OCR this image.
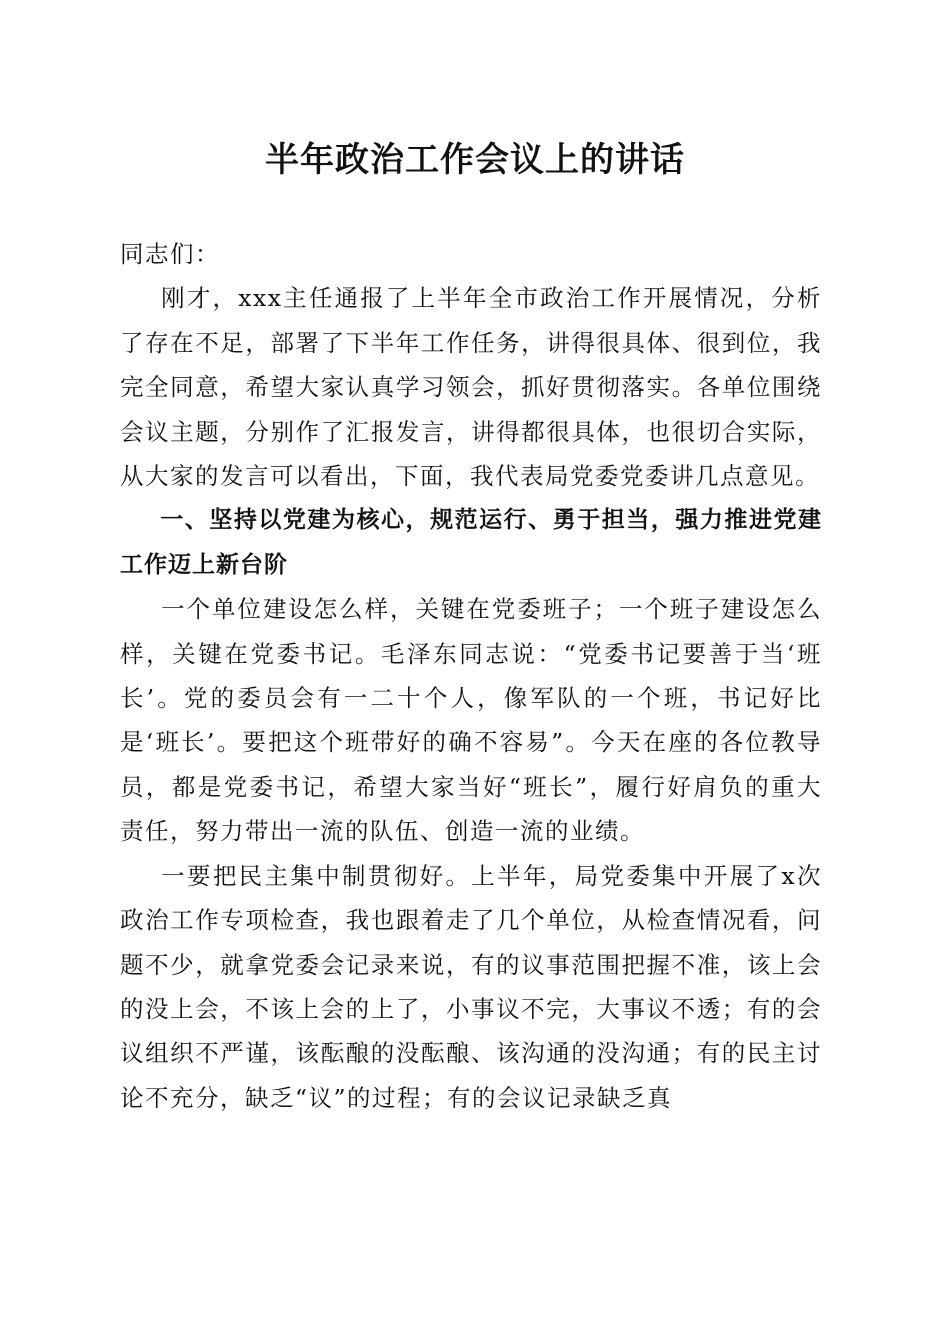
半年政治工作会议上的讲话

同志们：

刚才，xxx主任通报了上半年全市政治工作开展情况，分析了存在不足，部署了下半年工作任务，讲得很具体、很到位，我完全同意，希望大家认真学习领会，抓好贯彻落实。各单位围绕会议主题，分别作了汇报发言，讲得都很具体，也很切合实际，从大家的发言可以看出，下面，我代表局党委党委讲几点意见。

一、坚持以党建为核心，规范运行、勇于担当，强力推进党建工作迈上新台阶

一个单位建设怎么样，关键在党委班子；一个班子建设怎么样，关键在党委书记。毛泽东同志说：“党委书记要善于当‘班长’。党的委员会有一二十个人，像军队的一个班，书记好比是‘班长’。要把这个班带好的确不容易”。今天在座的各位教导员，都是党委书记，希望大家当好“班长”，履行好肩负的重大责任，努力带出一流的队伍、创造一流的业绩。

一要把民主集中制贯彻好。上半年，局党委集中开展了x次政治工作专项检查，我也跟着走了几个单位，从检查情况看，问题不少，就拿党委会记录来说，有的议事范围把握不准，该上会的没上会，不该上会的上了，小事议不完，大事议不透；有的会议组织不严谨，该酝酿的没酝酿、该沟通的没沟通；有的民主讨论不充分，缺乏“议”的过程；有的会议记录缺乏真
